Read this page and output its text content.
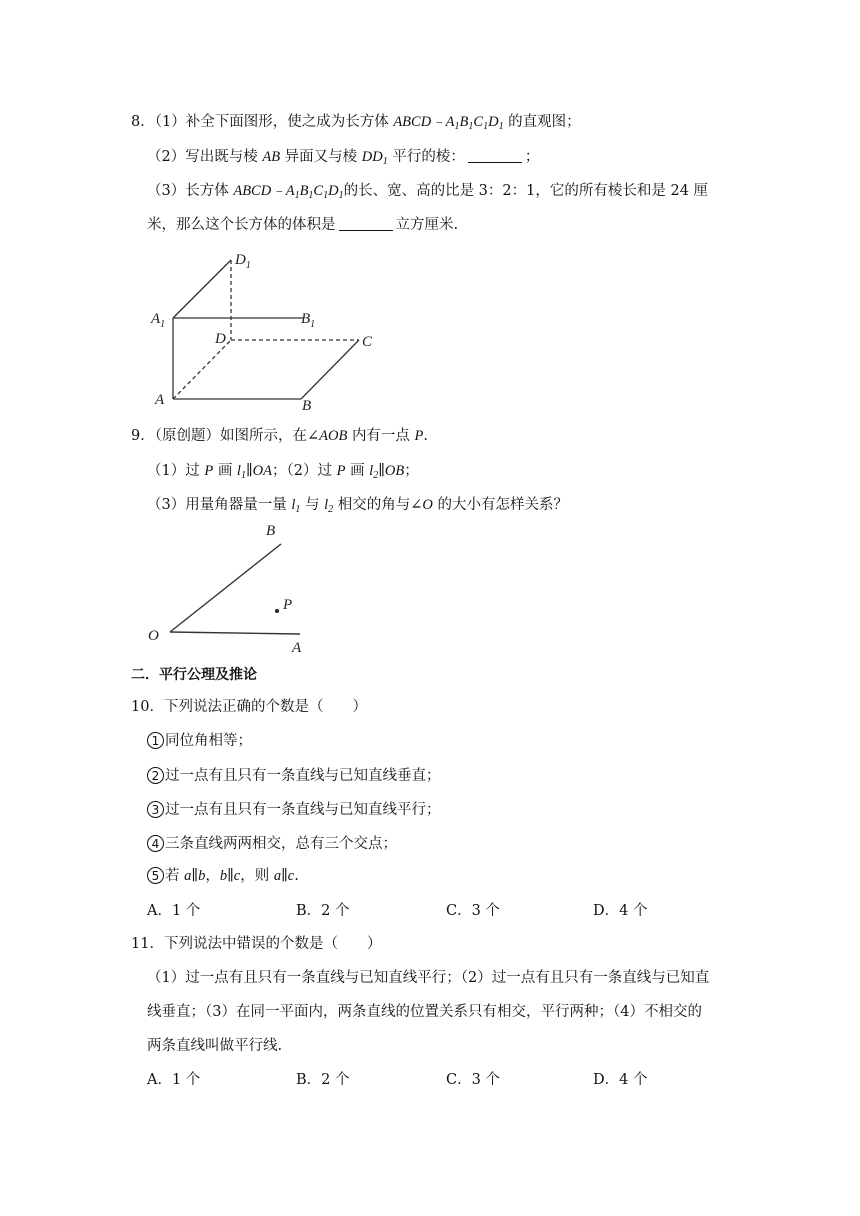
8．（1）补全下面图形，使之成为长方体 $ABCD﹣A_1B_1C_1D_1$ 的直观图；
（2）写出既与棱 AB 异面又与棱 $DD_1$ 平行的棱：	；
（3）长方体 $ABCD﹣A_1B_1C_1D_1$的长、宽、高的比是 3：2：1，它的所有棱长和是 24 厘
米，那么这个长方体的体积是	立方厘米.
$D_1$
$A_1$	$B_1$
D	C
A	B
9．（原创题）如图所示，在∠AOB 内有一点 P.
（1）过 P 画 $l_1\parallel OA$；（2）过 P 画 $l_2\parallel OB$；
（3）用量角器量一量 $l_1$ 与 $l_2$ 相交的角与∠O 的大小有怎样关系？
B
P
O
A
二．平行公理及推论
10．下列说法正确的个数是（　　）
1 同位角相等；
2 过一点有且只有一条直线与已知直线垂直；
3 过一点有且只有一条直线与已知直线平行；
4 三条直线两两相交，总有三个交点；
5 若 a∥b，b∥c，则 a∥c.
A．1 个	B．2 个	C．3 个	D．4 个
11．下列说法中错误的个数是（　　）
（1）过一点有且只有一条直线与已知直线平行；（2）过一点有且只有一条直线与已知直
线垂直；（3）在同一平面内，两条直线的位置关系只有相交，平行两种；（4）不相交的
两条直线叫做平行线.
A．1 个	B．2 个	C．3 个	D．4 个
